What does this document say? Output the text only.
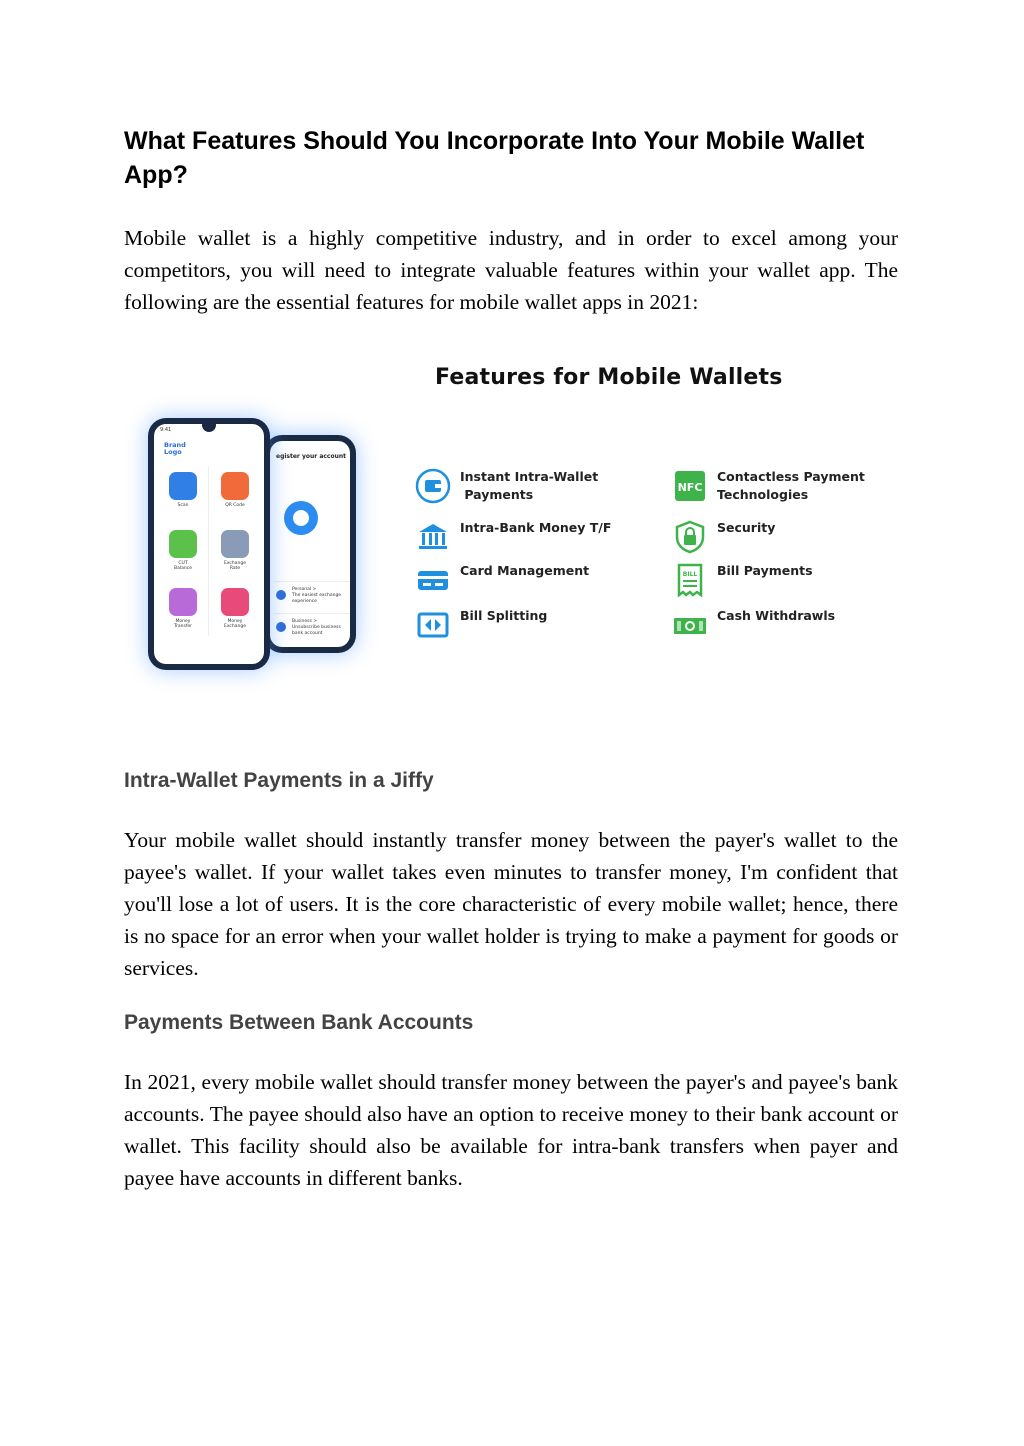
What Features Should You Incorporate Into Your Mobile Wallet App?
Mobile wallet is a highly competitive industry, and in order to excel among your competitors, you will need to integrate valuable features within your wallet app. The following are the essential features for mobile wallet apps in 2021:
Features for Mobile Wallets
egister your account
Personal >
The easiest exchange experience
Business >
Unsubscribe business bank account
9:41
Brand
Logo
Scan	QR Code
CUT
Balance
Exchange
Rate
Money
Transfer
Money
Exchange
Instant Intra-Wallet
Payments
Intra-Bank Money T/F
Card Management
Bill Splitting
NFC
Contactless Payment
Technologies
Security
BILL Bill Payments
Cash Withdrawls
Intra-Wallet Payments in a Jiffy
Your mobile wallet should instantly transfer money between the payer's wallet to the payee's wallet. If your wallet takes even minutes to transfer money, I'm confident that you'll lose a lot of users. It is the core characteristic of every mobile wallet; hence, there is no space for an error when your wallet holder is trying to make a payment for goods or services.
Payments Between Bank Accounts
In 2021, every mobile wallet should transfer money between the payer's and payee's bank accounts. The payee should also have an option to receive money to their bank account or wallet. This facility should also be available for intra-bank transfers when payer and payee have accounts in different banks.
